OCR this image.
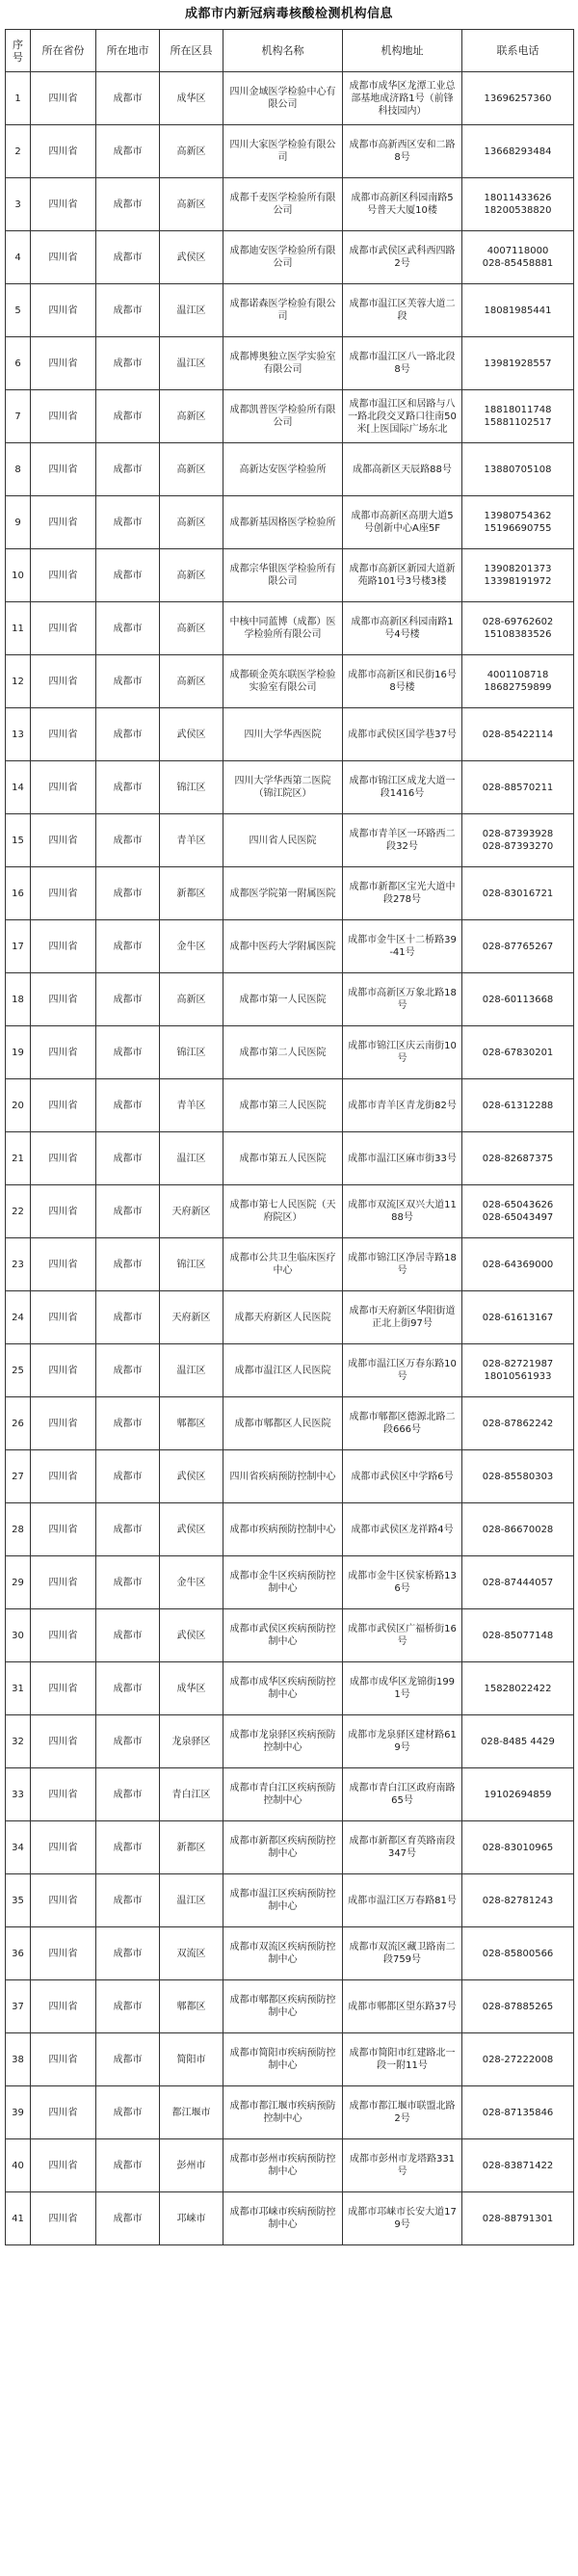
成都市内新冠病毒核酸检测机构信息
序号	所在省份	所在地市	所在区县	机构名称	机构地址	联系电话
1	四川省	成都市	成华区	四川金域医学检验中心有限公司	成都市成华区龙潭工业总部基地成济路1号（前锋科技园内）	13696257360
2	四川省	成都市	高新区	四川大家医学检验有限公司	成都市高新西区安和二路8号	13668293484
3	四川省	成都市	高新区	成都千麦医学检验所有限公司	成都市高新区科园南路5号普天大厦10楼	18011433626
18200538820
4	四川省	成都市	武侯区	成都迪安医学检验所有限公司	成都市武侯区武科西四路2号	4007118000
028-85458881
5	四川省	成都市	温江区	成都诺森医学检验有限公司	成都市温江区芙蓉大道二段	18081985441
6	四川省	成都市	温江区	成都博奥独立医学实验室有限公司	成都市温江区八一路北段8号	13981928557
7	四川省	成都市	高新区	成都凯普医学检验所有限公司	成都市温江区和居路与八一路北段交叉路口往南50米[上医国际广场东北	18818011748
15881102517
8	四川省	成都市	高新区	高新达安医学检验所	成都高新区天辰路88号	13880705108
9	四川省	成都市	高新区	成都新基因格医学检验所	成都市高新区高朋大道5号创新中心A座5F	13980754362
15196690755
10	四川省	成都市	高新区	成都宗华银医学检验所有限公司	成都市高新区新园大道新苑路101号3号楼3楼	13908201373
13398191972
11	四川省	成都市	高新区	中核中同蓝博（成都）医学检验所有限公司	成都市高新区科园南路1号4号楼	028-69762602
15108383526
12	四川省	成都市	高新区	成都硕金英东联医学检验实验室有限公司	成都市高新区和民街16号8号楼	4001108718
18682759899
13	四川省	成都市	武侯区	四川大学华西医院	成都市武侯区国学巷37号	028-85422114
14	四川省	成都市	锦江区	四川大学华西第二医院（锦江院区）	成都市锦江区成龙大道一段1416号	028-88570211
15	四川省	成都市	青羊区	四川省人民医院	成都市青羊区一环路西二段32号	028-87393928
028-87393270
16	四川省	成都市	新都区	成都医学院第一附属医院	成都市新都区宝光大道中段278号	028-83016721
17	四川省	成都市	金牛区	成都中医药大学附属医院	成都市金牛区十二桥路39-41号	028-87765267
18	四川省	成都市	高新区	成都市第一人民医院	成都市高新区万象北路18号	028-60113668
19	四川省	成都市	锦江区	成都市第二人民医院	成都市锦江区庆云南街10号	028-67830201
20	四川省	成都市	青羊区	成都市第三人民医院	成都市青羊区青龙街82号	028-61312288
21	四川省	成都市	温江区	成都市第五人民医院	成都市温江区麻市街33号	028-82687375
22	四川省	成都市	天府新区	成都市第七人民医院（天府院区）	成都市双流区双兴大道1188号	028-65043626
028-65043497
23	四川省	成都市	锦江区	成都市公共卫生临床医疗中心	成都市锦江区净居寺路18号	028-64369000
24	四川省	成都市	天府新区	成都天府新区人民医院	成都市天府新区华阳街道正北上街97号	028-61613167
25	四川省	成都市	温江区	成都市温江区人民医院	成都市温江区万春东路10号	028-82721987
18010561933
26	四川省	成都市	郫都区	成都市郫都区人民医院	成都市郫都区德源北路二段666号	028-87862242
27	四川省	成都市	武侯区	四川省疾病预防控制中心	成都市武侯区中学路6号	028-85580303
28	四川省	成都市	武侯区	成都市疾病预防控制中心	成都市武侯区龙祥路4号	028-86670028
29	四川省	成都市	金牛区	成都市金牛区疾病预防控制中心	成都市金牛区侯家桥路136号	028-87444057
30	四川省	成都市	武侯区	成都市武侯区疾病预防控制中心	成都市武侯区广福桥街16号	028-85077148
31	四川省	成都市	成华区	成都市成华区疾病预防控制中心	成都市成华区龙锦街1991号	15828022422
32	四川省	成都市	龙泉驿区	成都市龙泉驿区疾病预防控制中心	成都市龙泉驿区建材路619号	028-8485 4429
33	四川省	成都市	青白江区	成都市青白江区疾病预防控制中心	成都市青白江区政府南路65号	19102694859
34	四川省	成都市	新都区	成都市新都区疾病预防控制中心	成都市新都区育英路南段347号	028-83010965
35	四川省	成都市	温江区	成都市温江区疾病预防控制中心	成都市温江区万春路81号	028-82781243
36	四川省	成都市	双流区	成都市双流区疾病预防控制中心	成都市双流区藏卫路南二段759号	028-85800566
37	四川省	成都市	郫都区	成都市郫都区疾病预防控制中心	成都市郫都区望东路37号	028-87885265
38	四川省	成都市	简阳市	成都市简阳市疾病预防控制中心	成都市简阳市红建路北一段一附11号	028-27222008
39	四川省	成都市	都江堰市	成都市都江堰市疾病预防控制中心	成都市都江堰市联盟北路2号	028-87135846
40	四川省	成都市	彭州市	成都市彭州市疾病预防控制中心	成都市彭州市龙塔路331号	028-83871422
41	四川省	成都市	邛崃市	成都市邛崃市疾病预防控制中心	成都市邛崃市长安大道179号	028-88791301
